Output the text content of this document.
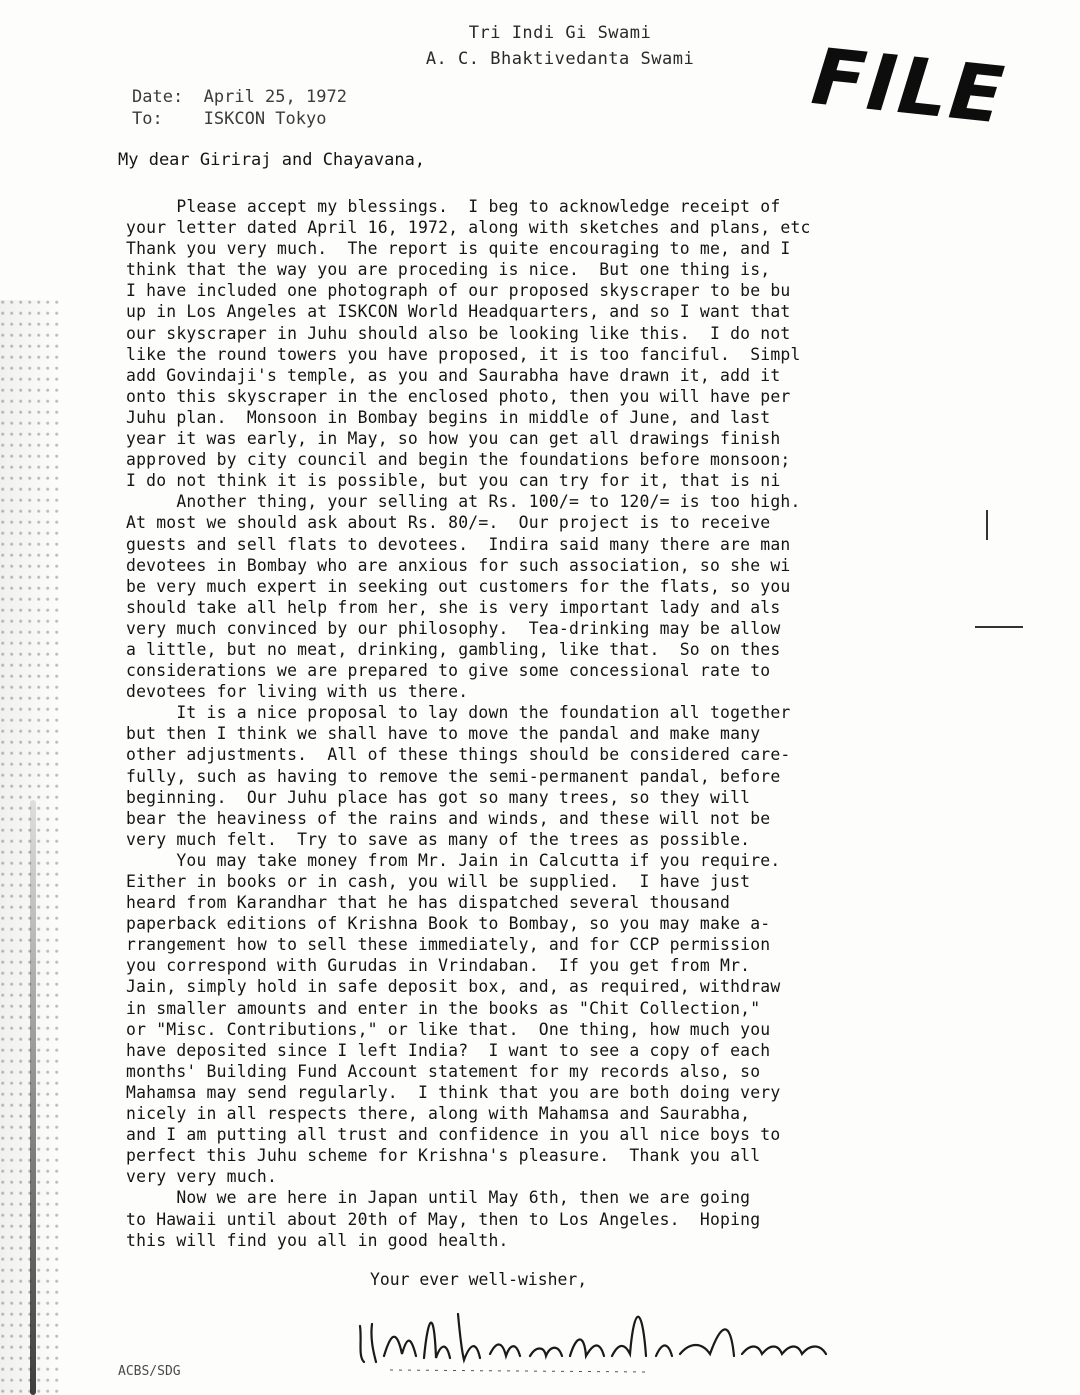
Tri Indi Gi Swami
A. C. Bhaktivedanta Swami	FILE
Date:  April 25, 1972
To:    ISKCON Tokyo
My dear Giriraj and Chayavana,
Please accept my blessings.  I beg to acknowledge receipt of
your letter dated April 16, 1972, along with sketches and plans, etc
Thank you very much.  The report is quite encouraging to me, and I
think that the way you are proceding is nice.  But one thing is,
I have included one photograph of our proposed skyscraper to be bu
up in Los Angeles at ISKCON World Headquarters, and so I want that
our skyscraper in Juhu should also be looking like this.  I do not
like the round towers you have proposed, it is too fanciful.  Simpl
add Govindaji's temple, as you and Saurabha have drawn it, add it
onto this skyscraper in the enclosed photo, then you will have per
Juhu plan.  Monsoon in Bombay begins in middle of June, and last
year it was early, in May, so how you can get all drawings finish
approved by city council and begin the foundations before monsoon;
I do not think it is possible, but you can try for it, that is ni
Another thing, your selling at Rs. 100/= to 120/= is too high.
At most we should ask about Rs. 80/=.  Our project is to receive
guests and sell flats to devotees.  Indira said many there are man
devotees in Bombay who are anxious for such association, so she wi
be very much expert in seeking out customers for the flats, so you
should take all help from her, she is very important lady and als
very much convinced by our philosophy.  Tea-drinking may be allow
a little, but no meat, drinking, gambling, like that.  So on thes
considerations we are prepared to give some concessional rate to
devotees for living with us there.
It is a nice proposal to lay down the foundation all together
but then I think we shall have to move the pandal and make many
other adjustments.  All of these things should be considered care-
fully, such as having to remove the semi-permanent pandal, before
beginning.  Our Juhu place has got so many trees, so they will
bear the heaviness of the rains and winds, and these will not be
very much felt.  Try to save as many of the trees as possible.
You may take money from Mr. Jain in Calcutta if you require.
Either in books or in cash, you will be supplied.  I have just
heard from Karandhar that he has dispatched several thousand
paperback editions of Krishna Book to Bombay, so you may make a-
rrangement how to sell these immediately, and for CCP permission
you correspond with Gurudas in Vrindaban.  If you get from Mr.
Jain, simply hold in safe deposit box, and, as required, withdraw
in smaller amounts and enter in the books as "Chit Collection,"
or "Misc. Contributions," or like that.  One thing, how much you
have deposited since I left India?  I want to see a copy of each
months' Building Fund Account statement for my records also, so
Mahamsa may send regularly.  I think that you are both doing very
nicely in all respects there, along with Mahamsa and Saurabha,
and I am putting all trust and confidence in you all nice boys to
perfect this Juhu scheme for Krishna's pleasure.  Thank you all
very very much.
Now we are here in Japan until May 6th, then we are going
to Hawaii until about 20th of May, then to Los Angeles.  Hoping
this will find you all in good health.
Your ever well-wisher,
ACBS/SDG
